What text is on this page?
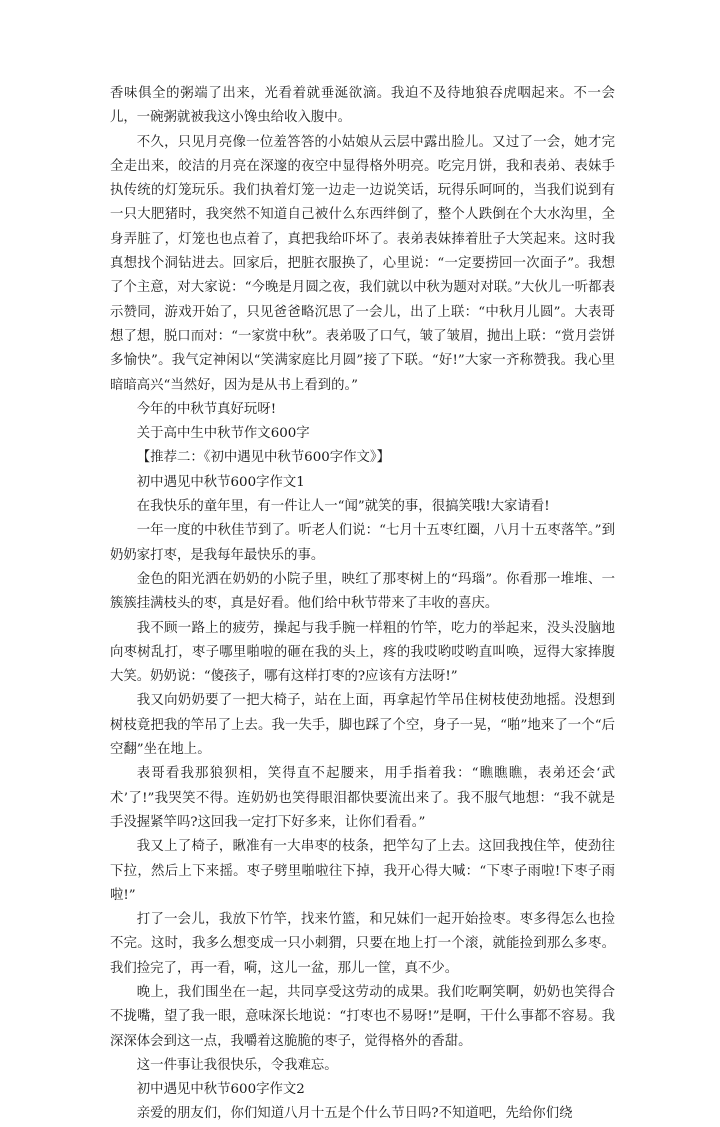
香味俱全的粥端了出来，光看着就垂涎欲滴。我迫不及待地狼吞虎咽起来。不一会儿，一碗粥就被我这小馋虫给收入腹中。

不久，只见月亮像一位羞答答的小姑娘从云层中露出脸儿。又过了一会，她才完全走出来，皎洁的月亮在深邃的夜空中显得格外明亮。吃完月饼，我和表弟、表妹手执传统的灯笼玩乐。我们执着灯笼一边走一边说笑话，玩得乐呵呵的，当我们说到有一只大肥猪时，我突然不知道自己被什么东西绊倒了，整个人跌倒在个大水沟里，全身弄脏了，灯笼也也点着了，真把我给吓坏了。表弟表妹捧着肚子大笑起来。这时我真想找个洞钻进去。回家后，把脏衣服换了，心里说：“一定要捞回一次面子”。我想了个主意，对大家说：“今晚是月圆之夜，我们就以中秋为题对对联。”大伙儿一听都表示赞同，游戏开始了，只见爸爸略沉思了一会儿，出了上联：“中秋月儿圆”。大表哥想了想，脱口而对：“一家赏中秋”。表弟吸了口气，皱了皱眉，抛出上联：“赏月尝饼多愉快”。我气定神闲以“笑满家庭比月圆”接了下联。“好!”大家一齐称赞我。我心里暗暗高兴“当然好，因为是从书上看到的。”

今年的中秋节真好玩呀!

关于高中生中秋节作文600字

【推荐二：《初中遇见中秋节600字作文》】

初中遇见中秋节600字作文1

在我快乐的童年里，有一件让人一“闻”就笑的事，很搞笑哦!大家请看!

一年一度的中秋佳节到了。听老人们说：“七月十五枣红圈，八月十五枣落竿。”到奶奶家打枣，是我每年最快乐的事。

金色的阳光洒在奶奶的小院子里，映红了那枣树上的“玛瑙”。你看那一堆堆、一簇簇挂满枝头的枣，真是好看。他们给中秋节带来了丰收的喜庆。

我不顾一路上的疲劳，操起与我手腕一样粗的竹竿，吃力的举起来，没头没脑地向枣树乱打，枣子哪里啪啦的砸在我的头上，疼的我哎哟哎哟直叫唤，逗得大家捧腹大笑。奶奶说：“傻孩子，哪有这样打枣的?应该有方法呀!”

我又向奶奶要了一把大椅子，站在上面，再拿起竹竿吊住树枝使劲地摇。没想到树枝竟把我的竿吊了上去。我一失手，脚也踩了个空，身子一晃，“啪”地来了一个“后空翻”坐在地上。

表哥看我那狼狈相，笑得直不起腰来，用手指着我：“瞧瞧瞧，表弟还会‘武术’了!”我哭笑不得。连奶奶也笑得眼泪都快要流出来了。我不服气地想：“我不就是手没握紧竿吗?这回我一定打下好多来，让你们看看。”

我又上了椅子，瞅准有一大串枣的枝条，把竿勾了上去。这回我拽住竿，使劲往下拉，然后上下来摇。枣子劈里啪啦往下掉，我开心得大喊：“下枣子雨啦!下枣子雨啦!”

打了一会儿，我放下竹竿，找来竹篮，和兄妹们一起开始捡枣。枣多得怎么也捡不完。这时，我多么想变成一只小刺猬，只要在地上打一个滚，就能捡到那么多枣。我们捡完了，再一看，嗬，这儿一盆，那儿一筐，真不少。

晚上，我们围坐在一起，共同享受这劳动的成果。我们吃啊笑啊，奶奶也笑得合不拢嘴，望了我一眼，意味深长地说：“打枣也不易呀!”是啊，干什么事都不容易。我深深体会到这一点，我嚼着这脆脆的枣子，觉得格外的香甜。

这一件事让我很快乐，令我难忘。

初中遇见中秋节600字作文2

亲爱的朋友们，你们知道八月十五是个什么节日吗?不知道吧，先给你们绕
